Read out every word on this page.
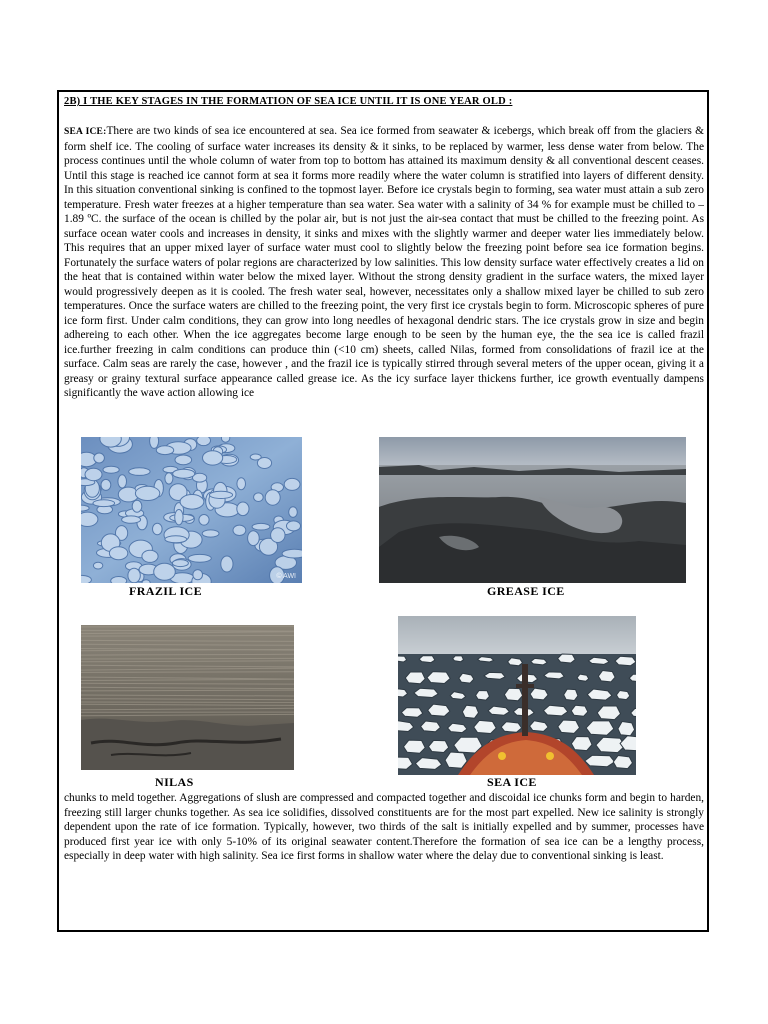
2B) I THE KEY STAGES IN THE FORMATION OF SEA ICE UNTIL IT IS ONE YEAR OLD :

SEA ICE:There are two kinds of sea ice encountered at sea. Sea ice formed from seawater & icebergs, which break off from the glaciers & form shelf ice. The cooling of surface water increases its density & it sinks, to be replaced by warmer, less dense water from below. The process continues until the whole column of water from top to bottom has attained its maximum density & all conventional descent ceases. Until this stage is reached ice cannot form at sea it forms more readily where the water column is stratified into layers of different density. In this situation conventional sinking is confined to the topmost layer. Before ice crystals begin to forming, sea water must attain a sub zero temperature. Fresh water freezes at a higher temperature than sea water. Sea water with a salinity of 34 % for example must be chilled to –1.89 ºC. the surface of the ocean is chilled by the polar air, but is not just the air-sea contact that must be chilled to the freezing point. As surface ocean water cools and increases in density, it sinks and mixes with the slightly warmer and deeper water lies immediately below. This requires that an upper mixed layer of surface water must cool to slightly below the freezing point before sea ice formation begins. Fortunately the surface waters of polar regions are characterized by low salinities. This low density surface water effectively creates a lid on the heat that is contained within water below the mixed layer. Without the strong density gradient in the surface waters, the mixed layer would progressively deepen as it is cooled. The fresh water seal, however, necessitates only a shallow mixed layer be chilled to sub zero temperatures. Once the surface waters are chilled to the freezing point, the very first ice crystals begin to form. Microscopic spheres of pure ice form first. Under calm conditions, they can grow into long needles of hexagonal dendric stars. The ice crystals grow in size and begin adhereing to each other. When the ice aggregates become large enough to be seen by the human eye, the the sea ice is called frazil ice.further freezing in calm conditions can produce thin (<10 cm) sheets, called Nilas, formed from consolidations of frazil ice at the surface. Calm seas are rarely the case, however , and the frazil ice is typically stirred through several meters of the upper ocean, giving it a greasy or grainy textural surface appearance called grease ice. As the icy surface layer thickens further, ice growth eventually dampens significantly the wave action allowing ice

© AWI
FRAZIL ICE	GREASE ICE
NILAS	SEA ICE

chunks to meld together. Aggregations of slush are compressed and compacted together and discoidal ice chunks form and begin to harden, freezing still larger chunks together. As sea ice solidifies, dissolved constituents are for the most part expelled. New ice salinity is strongly dependent upon the rate of ice formation. Typically, however, two thirds of the salt is initially expelled and by summer, processes have produced first year ice with only 5-10% of its original seawater content.Therefore the formation of sea ice can be a lengthy process, especially in deep water with high salinity. Sea ice first forms in shallow water where the delay due to conventional sinking is least.
